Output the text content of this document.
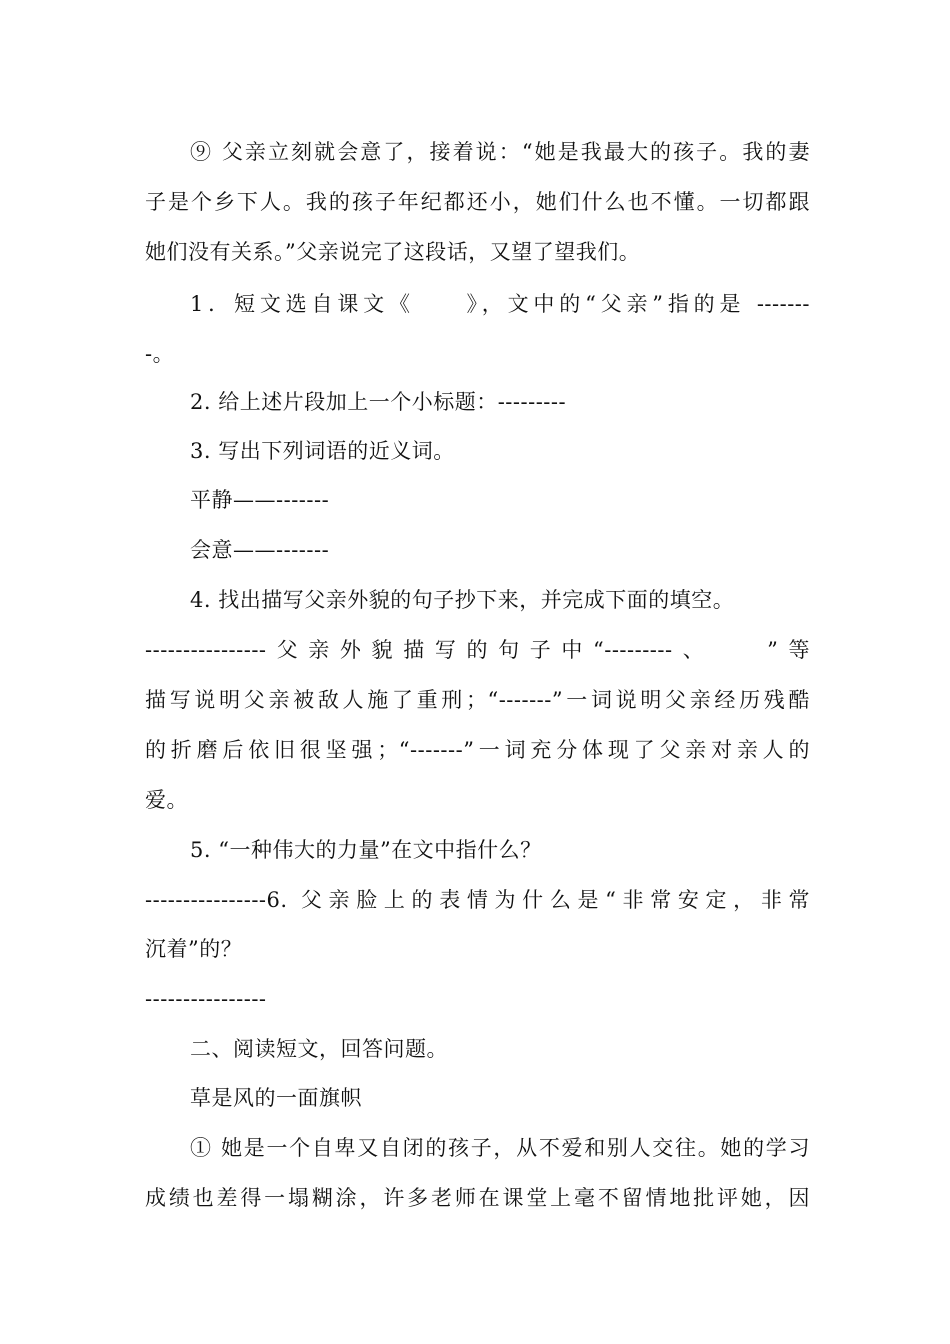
⑨ 父亲立刻就会意了，接着说：“她是我最大的孩子。我的妻
子是个乡下人。我的孩子年纪都还小，她们什么也不懂。一切都跟
她们没有关系。”父亲说完了这段话，又望了望我们。
1．短文选自课文《　　》，文中的“父亲”指的是 -------
-。
2. 给上述片段加上一个小标题：---------
3. 写出下列词语的近义词。
平静——-------
会意——-------
4. 找出描写父亲外貌的句子抄下来，并完成下面的填空。
----------------父亲外貌描写的句子中“---------、　　”等
描写说明父亲被敌人施了重刑；“-------”一词说明父亲经历残酷
的折磨后依旧很坚强；“-------”一词充分体现了父亲对亲人的
爱。
5. “一种伟大的力量”在文中指什么？
----------------6. 父亲脸上的表情为什么是“非常安定，非常
沉着”的？
----------------
二、阅读短文，回答问题。
草是风的一面旗帜
① 她是一个自卑又自闭的孩子，从不爱和别人交往。她的学习
成绩也差得一塌糊涂，许多老师在课堂上毫不留情地批评她，因
